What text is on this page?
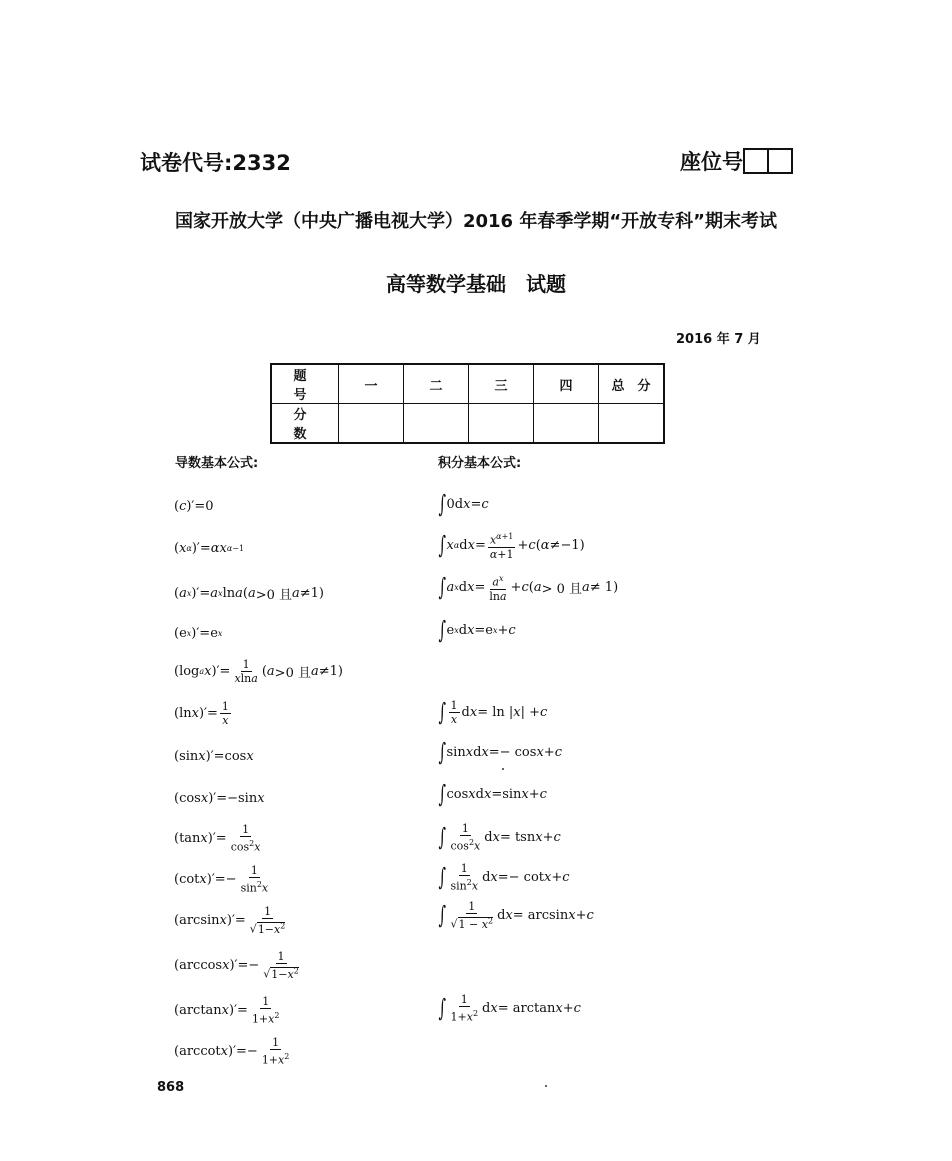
试卷代号:2332	座位号
国家开放大学（中央广播电视大学）2016 年春季学期“开放专科”期末考试
高等数学基础　试题
2016 年 7 月
题　号	一	二	三	四	总　分
分　数					
导数基本公式:	积分基本公式:
( c )′=0
( x α )′= αx α−1
( a x )′= a x ln a ( a >0 且 a ≠1)
(e x )′=e x
(log a x )′= 1
xlna ( a >0 且 a ≠1)
(ln x )′= 1
x
(sin x )′=cos x
(cos x )′=−sin x
(tan x )′=
1
$\cos^2x$
(cot x )′=−
1
$\sin^2x$
(arcsin x )′=
1
$√1-x^2$
(arccos x )′=−
1
$√1-x^2$
(arctan x )′=
1
$1+x^2$
(arccot x )′=−
1
$1+x^2$
∫ 0d x = c
∫ x α d $x = x^{\alpha+1}$
α+1
+ c ( α ≠−1)
∫ a x d $x = a^x$
lna
+ c ( a > 0 且 a ≠ 1)
∫ e x d x =e x + c
∫ 1
x d x = ln | x | + c
∫ sin x d x =− cos x + c
∫ cos x d x =sin x + c
∫ 1
$\cos^2x$
d x = tsn x + c
∫ 1
$\sin^2x$
d x =− cot x + c
∫ 1
$√1 - x^2$ d x = arcsin x + c
∫ 1
$1+x^2$ d x = arctan x + c
868
